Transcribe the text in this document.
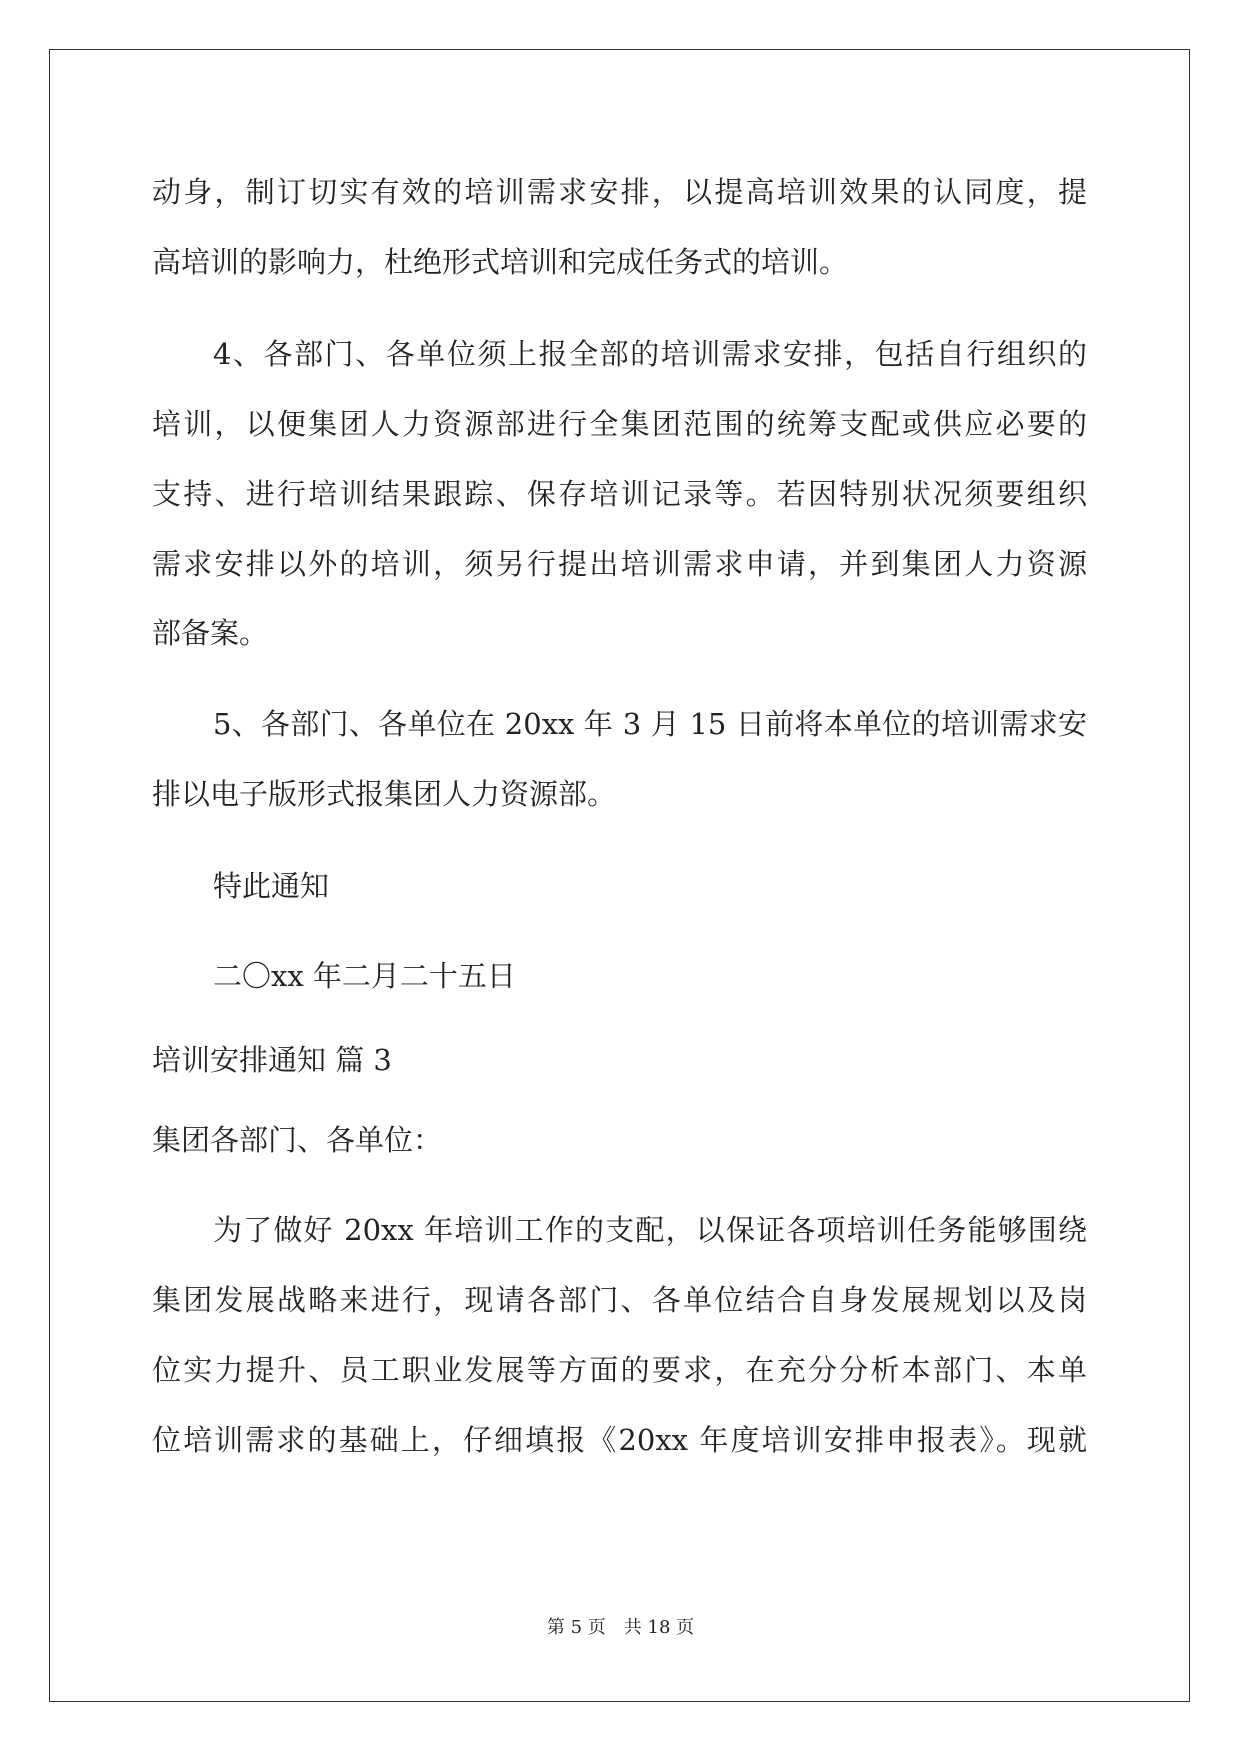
动身，制订切实有效的培训需求安排，以提高培训效果的认同度，提
高培训的影响力，杜绝形式培训和完成任务式的培训。
4、各部门、各单位须上报全部的培训需求安排，包括自行组织的
培训，以便集团人力资源部进行全集团范围的统筹支配或供应必要的
支持、进行培训结果跟踪、保存培训记录等。若因特别状况须要组织
需求安排以外的培训，须另行提出培训需求申请，并到集团人力资源
部备案。
5、各部门、各单位在 20xx 年 3 月 15 日前将本单位的培训需求安
排以电子版形式报集团人力资源部。
特此通知
二〇xx 年二月二十五日
培训安排通知 篇 3
集团各部门、各单位：
为了做好 20xx 年培训工作的支配，以保证各项培训任务能够围绕
集团发展战略来进行，现请各部门、各单位结合自身发展规划以及岗
位实力提升、员工职业发展等方面的要求，在充分分析本部门、本单
位培训需求的基础上，仔细填报《20xx 年度培训安排申报表》。现就
第 5 页 共 18 页
